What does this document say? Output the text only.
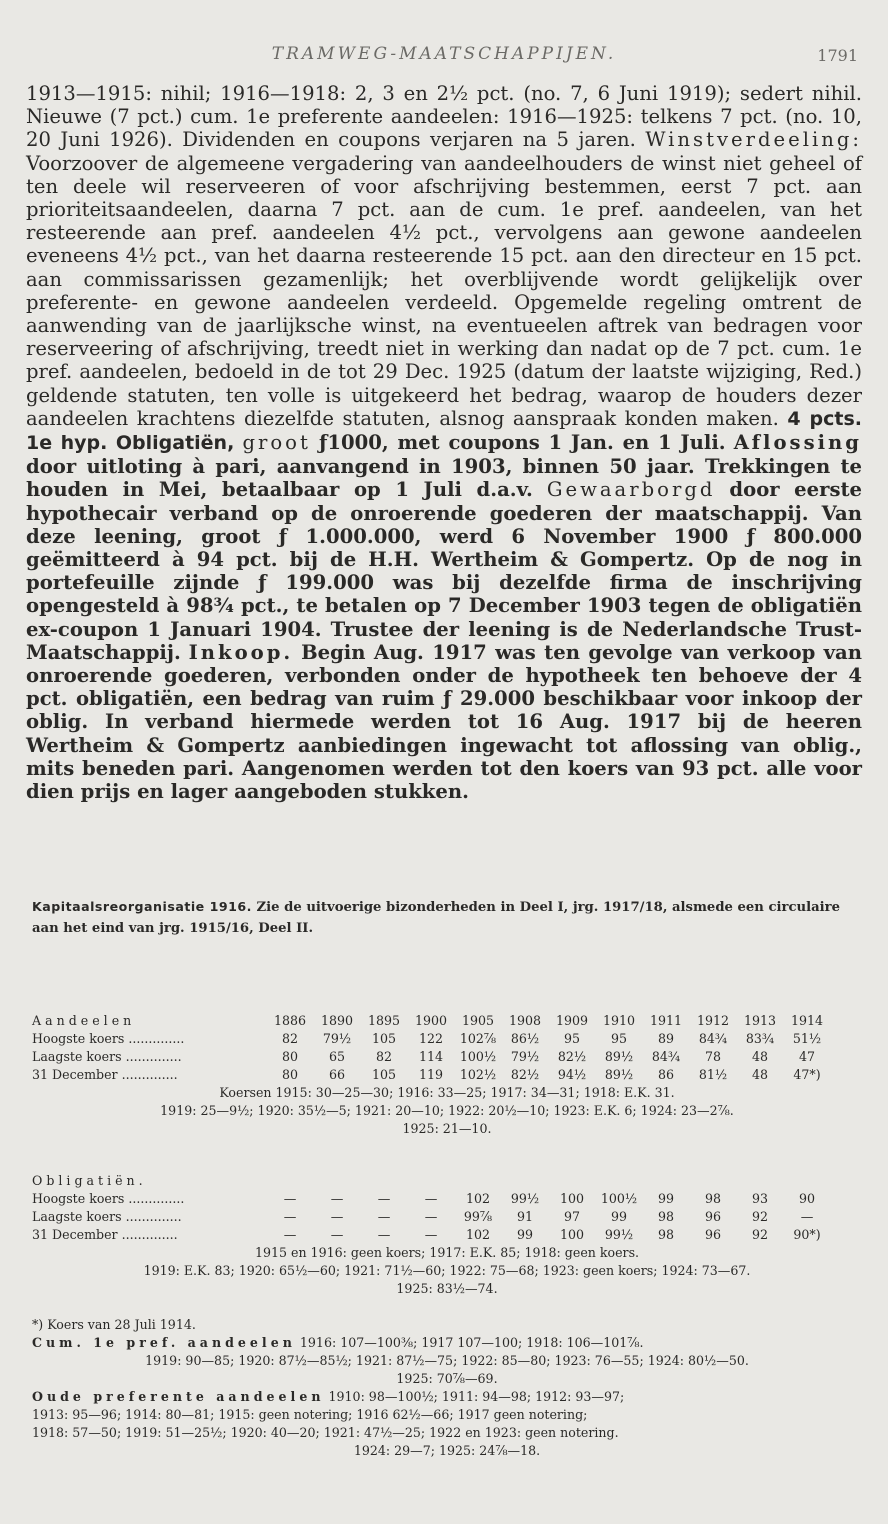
TRAMWEG-MAATSCHAPPIJEN.	1791

1913—1915: nihil; 1916—1918: 2, 3 en 2½ pct. (no. 7, 6 Juni 1919); sedert nihil. Nieuwe (7 pct.) cum. 1e preferente aandeelen: 1916—1925: telkens 7 pct. (no. 10, 20 Juni 1926). Dividenden en coupons verjaren na 5 jaren. Winstverdeeling: Voorzoover de algemeene vergadering van aandeelhouders de winst niet geheel of ten deele wil reserveeren of voor afschrijving bestemmen, eerst 7 pct. aan prioriteitsaandeelen, daarna 7 pct. aan de cum. 1e pref. aandeelen, van het resteerende aan pref. aandeelen 4½ pct., vervolgens aan gewone aandeelen eveneens 4½ pct., van het daarna resteerende 15 pct. aan den directeur en 15 pct. aan commissarissen gezamenlijk; het overblijvende wordt gelijkelijk over preferente- en gewone aandeelen verdeeld. Opgemelde regeling omtrent de aanwending van de jaarlijksche winst, na eventueelen aftrek van bedragen voor reserveering of afschrijving, treedt niet in werking dan nadat op de 7 pct. cum. 1e pref. aandeelen, bedoeld in de tot 29 Dec. 1925 (datum der laatste wijziging, Red.) geldende statuten, ten volle is uitgekeerd het bedrag, waarop de houders dezer aandeelen krachtens diezelfde statuten, alsnog aanspraak konden maken. 4 pcts. 1e hyp. Obligatiën, groot ƒ1000, met coupons 1 Jan. en 1 Juli. Aflossing door uitloting à pari, aanvangend in 1903, binnen 50 jaar. Trekkingen te houden in Mei, betaalbaar op 1 Juli d.a.v. Gewaarborgd door eerste hypothecair verband op de onroerende goederen der maatschappij. Van deze leening, groot ƒ 1.000.000, werd 6 November 1900 ƒ 800.000 geëmitteerd à 94 pct. bij de H.H. Wertheim & Gompertz. Op de nog in portefeuille zijnde ƒ 199.000 was bij dezelfde firma de inschrijving opengesteld à 98¾ pct., te betalen op 7 December 1903 tegen de obligatiën ex-coupon 1 Januari 1904. Trustee der leening is de Nederlandsche Trust-Maatschappij. Inkoop. Begin Aug. 1917 was ten gevolge van verkoop van onroerende goederen, verbonden onder de hypotheek ten behoeve der 4 pct. obligatiën, een bedrag van ruim ƒ 29.000 beschikbaar voor inkoop der oblig. In verband hiermede werden tot 16 Aug. 1917 bij de heeren Wertheim & Gompertz aanbiedingen ingewacht tot aflossing van oblig., mits beneden pari. Aangenomen werden tot den koers van 93 pct. alle voor dien prijs en lager aangeboden stukken.

Kapitaalsreorganisatie 1916. Zie de uitvoerige bizonderheden in Deel I, jrg. 1917/18, alsmede een circulaire aan het eind van jrg. 1915/16, Deel II.
Aandeelen	1886	1890	1895	1900	1905	1908	1909	1910	1911	1912	1913	1914
Hoogste koers ..............	82	79½	105	122	102⅞	86½	95	95	89	84¾	83¾	51½
Laagste koers ..............	80	65	82	114	100½	79½	82½	89½	84¾	78	48	47
31 December ..............	80	66	105	119	102½	82½	94½	89½	86	81½	48	47*)
Koersen 1915: 30—25—30; 1916: 33—25; 1917: 34—31; 1918: E.K. 31.
1919: 25—9½; 1920: 35½—5; 1921: 20—10; 1922: 20½—10; 1923: E.K. 6; 1924: 23—2⅞.
1925: 21—10.
Obligatiën.
Hoogste koers ..............	—	—	—	—	102	99½	100	100½	99	98	93	90
Laagste koers ..............	—	—	—	—	99⅞	91	97	99	98	96	92	—
31 December ..............	—	—	—	—	102	99	100	99½	98	96	92	90*)
1915 en 1916: geen koers; 1917: E.K. 85; 1918: geen koers.
1919: E.K. 83; 1920: 65½—60; 1921: 71½—60; 1922: 75—68; 1923: geen koers; 1924: 73—67.
1925: 83½—74.

*) Koers van 28 Juli 1914.

Cum. 1e pref. aandeelen 1916: 107—100⅜; 1917 107—100; 1918: 106—101⅞.

1919: 90—85; 1920: 87½—85½; 1921: 87½—75; 1922: 85—80; 1923: 76—55; 1924: 80½—50.

1925: 70⅞—69.

Oude preferente aandeelen 1910: 98—100½; 1911: 94—98; 1912: 93—97;

1913: 95—96; 1914: 80—81; 1915: geen notering; 1916 62½—66; 1917 geen notering;

1918: 57—50; 1919: 51—25½; 1920: 40—20; 1921: 47½—25; 1922 en 1923: geen notering.

1924: 29—7; 1925: 24⅞—18.
